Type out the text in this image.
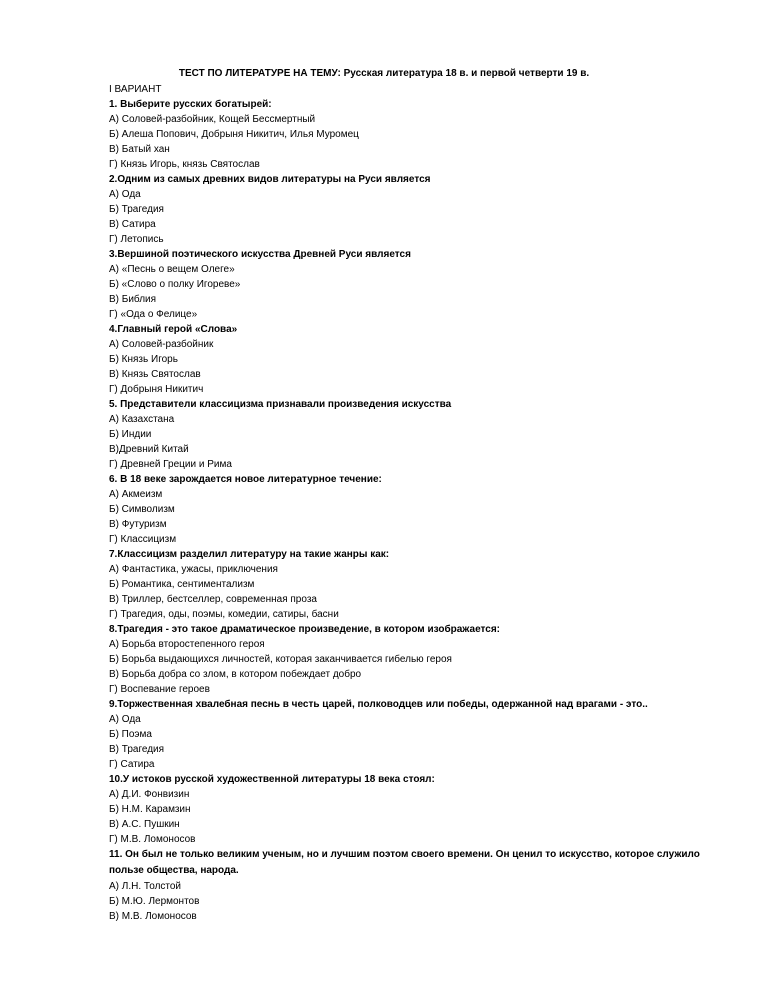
ТЕСТ ПО ЛИТЕРАТУРЕ НА ТЕМУ: Русская литература 18 в. и первой четверти 19 в.
I ВАРИАНТ
1. Выберите русских богатырей:
А) Соловей-разбойник, Кощей Бессмертный
Б) Алеша Попович, Добрыня Никитич, Илья Муромец
В) Батый хан
Г) Князь Игорь, князь Святослав
2.Одним из самых древних видов литературы на Руси является
А) Ода
Б) Трагедия
В) Сатира
Г) Летопись
3.Вершиной поэтического искусства Древней Руси является
А) «Песнь о вещем Олеге»
Б) «Слово о полку Игореве»
В) Библия
Г) «Ода о Фелице»
4.Главный герой «Слова»
А) Соловей-разбойник
Б) Князь Игорь
В) Князь Святослав
Г) Добрыня Никитич
5. Представители классицизма признавали произведения искусства
А) Казахстана
Б) Индии
В)Древний Китай
Г) Древней Греции и Рима
6. В 18 веке зарождается новое литературное течение:
А) Акмеизм
Б) Символизм
В) Футуризм
Г) Классицизм
7.Классицизм разделил литературу на такие жанры как:
А) Фантастика, ужасы, приключения
Б) Романтика, сентиментализм
В) Триллер, бестселлер, современная проза
Г) Трагедия, оды, поэмы, комедии, сатиры, басни
8.Трагедия - это такое драматическое произведение, в котором изображается:
А) Борьба второстепенного героя
Б) Борьба выдающихся личностей, которая заканчивается гибелью героя
В) Борьба добра со злом, в котором побеждает добро
Г) Воспевание героев
9.Торжественная хвалебная песнь в честь царей, полководцев или победы, одержанной над врагами - это..
А) Ода
Б) Поэма
В) Трагедия
Г) Сатира
10.У истоков русской художественной литературы 18 века стоял:
А) Д.И. Фонвизин
Б) Н.М. Карамзин
В) А.С. Пушкин
Г) М.В. Ломоносов
11. Он был не только великим ученым, но и лучшим поэтом своего времени. Он ценил то искусство, которое служило пользе общества, народа.
А) Л.Н. Толстой
Б) М.Ю. Лермонтов
В) М.В. Ломоносов
